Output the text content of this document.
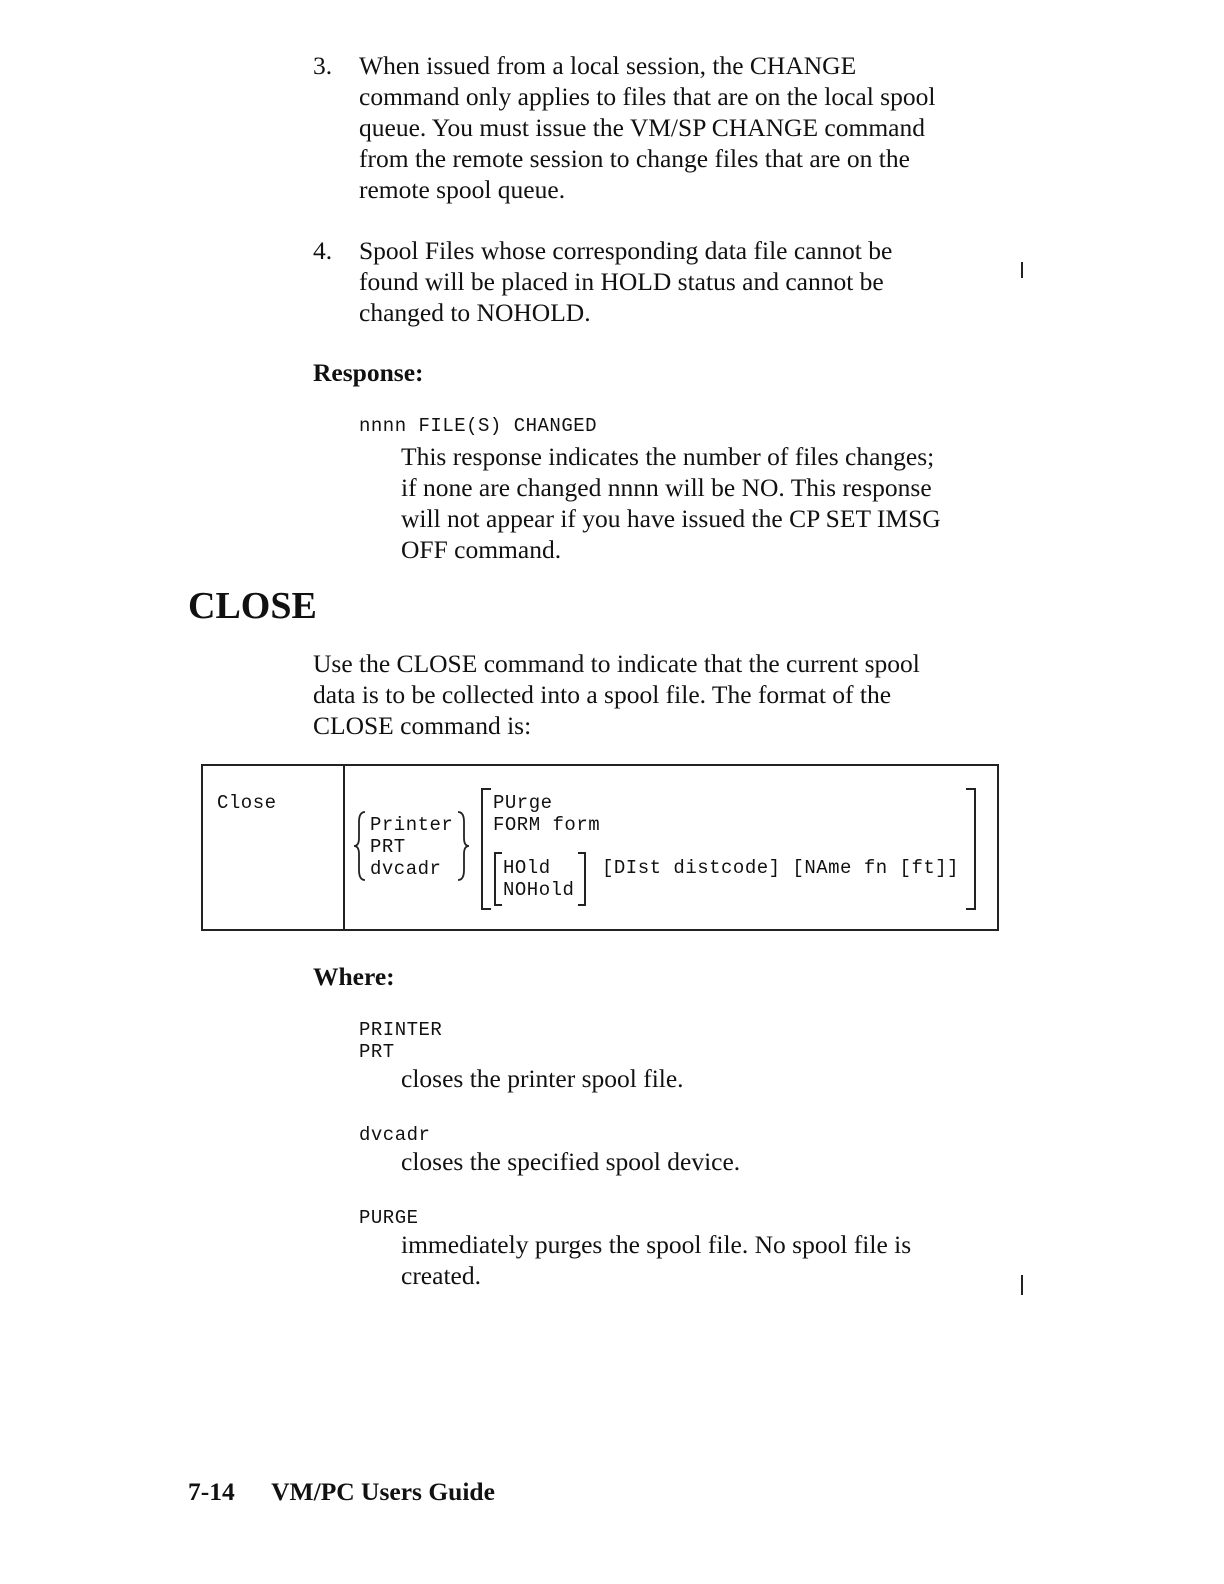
3.	When issued from a local session, the CHANGE
command only applies to files that are on the local spool
queue. You must issue the VM/SP CHANGE command
from the remote session to change files that are on the
remote spool queue.
4.	Spool Files whose corresponding data file cannot be
found will be placed in HOLD status and cannot be
changed to NOHOLD.
Response:
nnnn FILE(S) CHANGED
This response indicates the number of files changes;
if none are changed nnnn will be NO. This response
will not appear if you have issued the CP SET IMSG
OFF command.
CLOSE
Use the CLOSE command to indicate that the current spool
data is to be collected into a spool file. The format of the
CLOSE command is:
Close
Printer
PRT
dvcadr
PUrge
FORM form
HOld
NOHold
[DIst distcode] [NAme fn [ft]]
Where:
PRINTER
PRT
closes the printer spool file.
dvcadr
closes the specified spool device.
PURGE
immediately purges the spool file. No spool file is
created.
7-14 VM/PC Users Guide
